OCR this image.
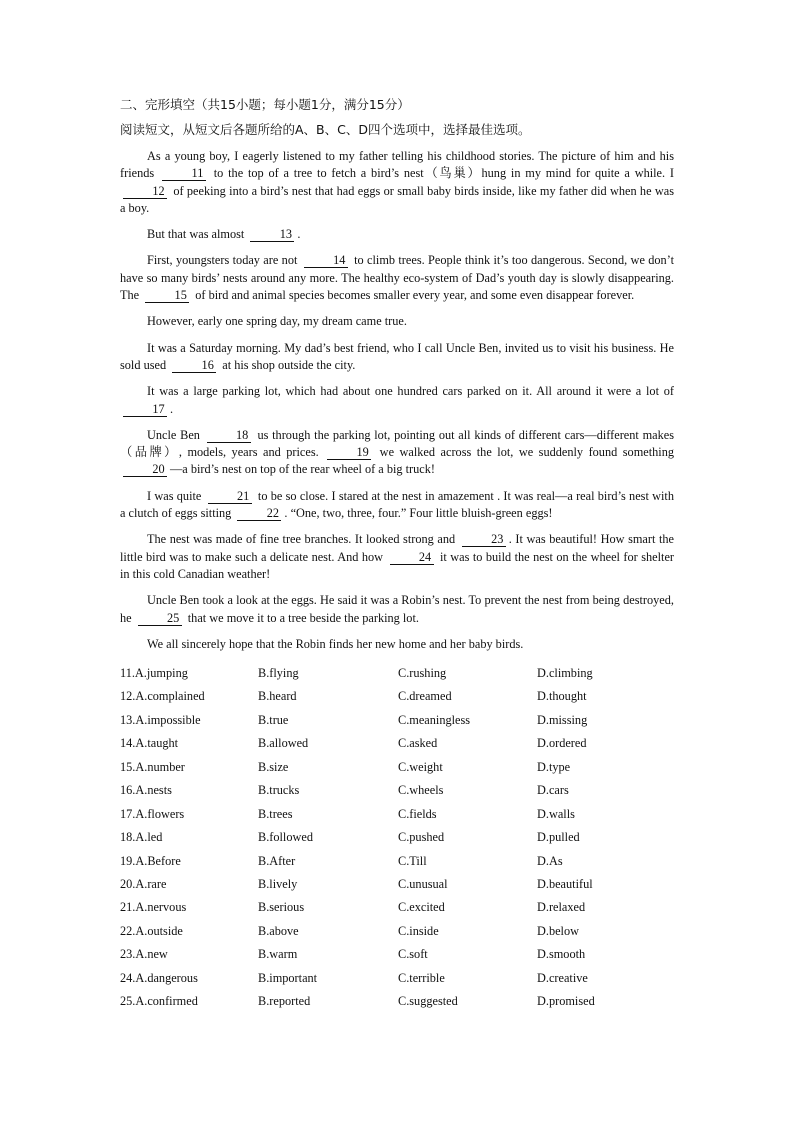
二、完形填空（共15小题；每小题1分，满分15分）
阅读短文，从短文后各题所给的A、B、C、D四个选项中，选择最佳选项。

As a young boy, I eagerly listened to my father telling his childhood stories. The picture of him and his friends	11 to the top of a tree to fetch a bird’s nest（鸟巢）hung in my mind for quite a while. I 12 of peeking into a bird’s nest that had eggs or small baby birds inside, like my father did when he was a boy.

But that was almost	13 .

First, youngsters today are not	14 to climb trees. People think it’s too dangerous. Second, we don’t have so many birds’ nests around any more. The healthy eco-system of Dad’s youth day is slowly disappearing. The	15 of bird and animal species becomes smaller every year, and some even disappear forever.

However, early one spring day, my dream came true.

It was a Saturday morning. My dad’s best friend, who I call Uncle Ben, invited us to visit his business. He sold used	16 at his shop outside the city.

It was a large parking lot, which had about one hundred cars parked on it. All around it were a lot of 17 .

Uncle Ben	18 us through the parking lot, pointing out all kinds of different cars—different makes（品牌）, models, years and prices.	19 we walked across the lot, we suddenly found something 20 —a bird’s nest on top of the rear wheel of a big truck!

I was quite	21 to be so close. I stared at the nest in amazement . It was real—a real bird’s nest with a clutch of eggs sitting	22 . “One, two, three, four.” Four little bluish-green eggs!

The nest was made of fine tree branches. It looked strong and	23 . It was beautiful! How smart the little bird was to make such a delicate nest. And how	24 it was to build the nest on the wheel for shelter in this cold Canadian weather!

Uncle Ben took a look at the eggs. He said it was a Robin’s nest. To prevent the nest from being destroyed, he	25 that we move it to a tree beside the parking lot.

We all sincerely hope that the Robin finds her new home and her baby birds.

11.A.jumping	B.flying	C.rushing	D.climbing
12.A.complained	B.heard	C.dreamed	D.thought
13.A.impossible	B.true	C.meaningless	D.missing
14.A.taught	B.allowed	C.asked	D.ordered
15.A.number	B.size	C.weight	D.type
16.A.nests	B.trucks	C.wheels	D.cars
17.A.flowers	B.trees	C.fields	D.walls
18.A.led	B.followed	C.pushed	D.pulled
19.A.Before	B.After	C.Till	D.As
20.A.rare	B.lively	C.unusual	D.beautiful
21.A.nervous	B.serious	C.excited	D.relaxed
22.A.outside	B.above	C.inside	D.below
23.A.new	B.warm	C.soft	D.smooth
24.A.dangerous	B.important	C.terrible	D.creative
25.A.confirmed	B.reported	C.suggested	D.promised
